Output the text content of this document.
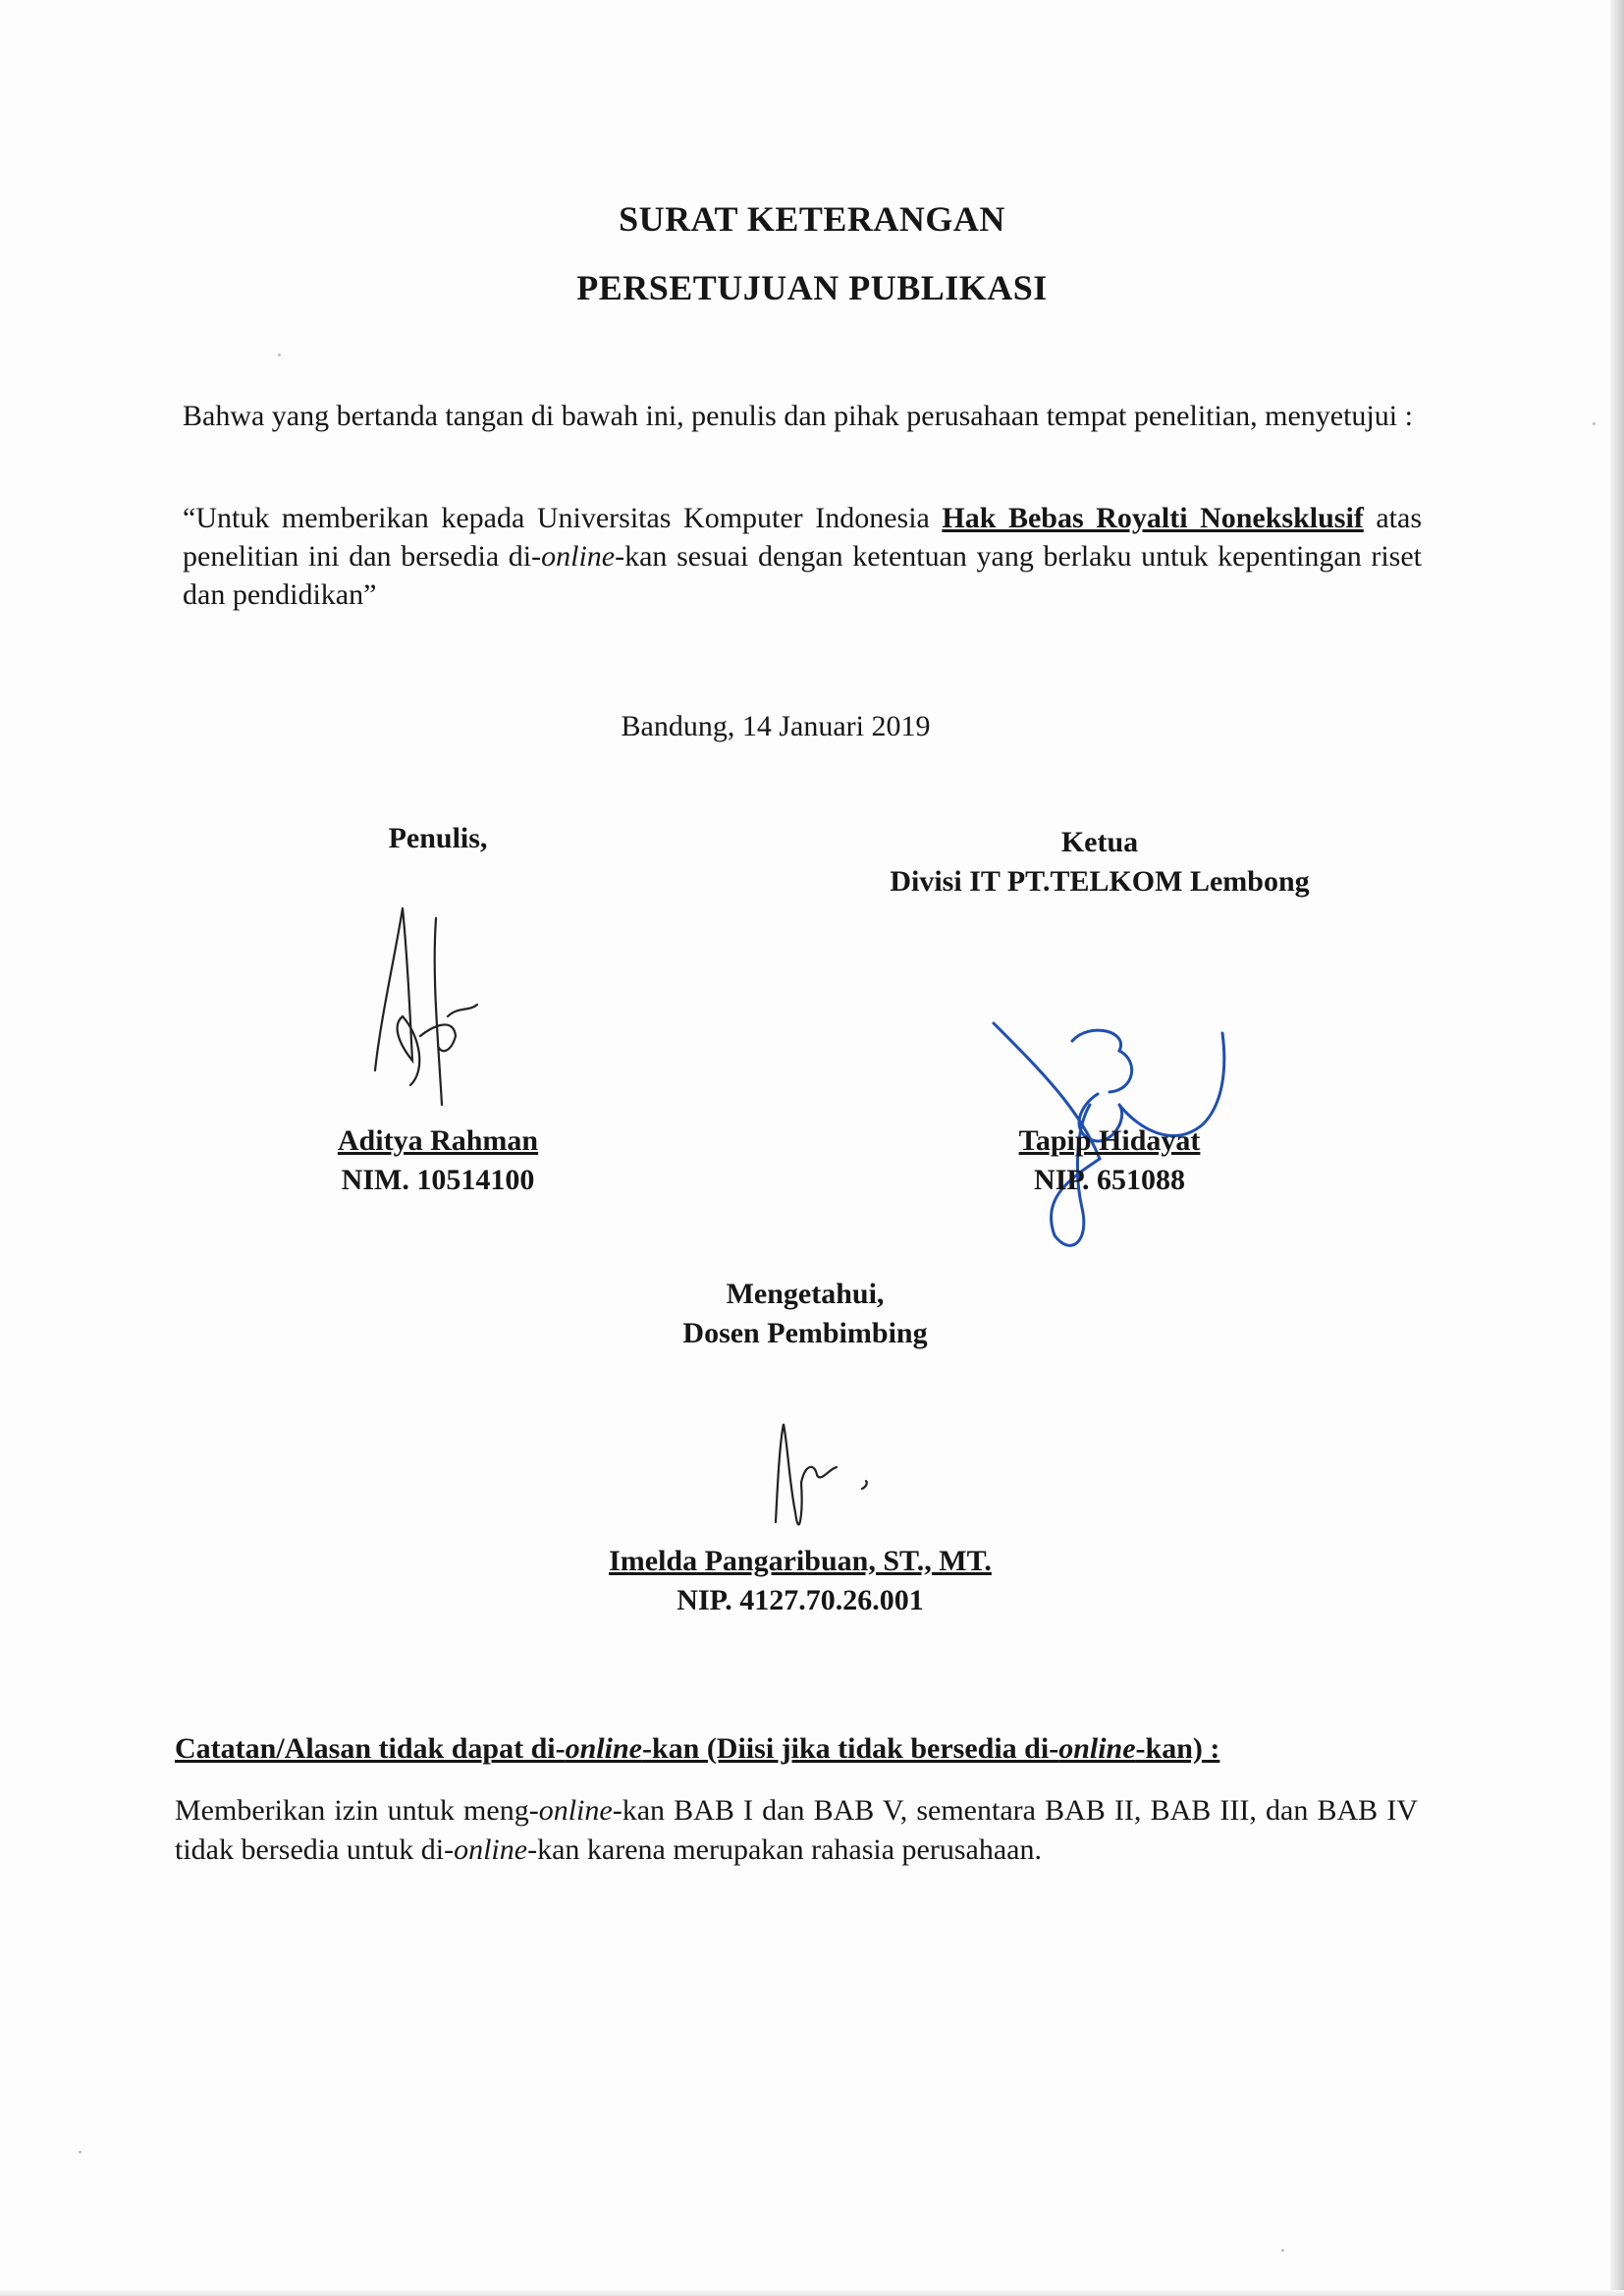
SURAT KETERANGAN
PERSETUJUAN PUBLIKASI
Bahwa yang bertanda tangan di bawah ini, penulis dan pihak perusahaan tempat penelitian, menyetujui :
“Untuk memberikan kepada Universitas Komputer Indonesia Hak Bebas Royalti Noneksklusif atas penelitian ini dan bersedia di-online-kan sesuai dengan ketentuan yang berlaku untuk kepentingan riset dan pendidikan”
Bandung, 14 Januari 2019
Penulis,	Ketua
Divisi IT PT.TELKOM Lembong
Aditya Rahman
NIM. 10514100
Tapip Hidayat
NIP. 651088
Mengetahui,
Dosen Pembimbing
Imelda Pangaribuan, ST., MT.
NIP. 4127.70.26.001
Catatan/Alasan tidak dapat di-online-kan (Diisi jika tidak bersedia di-online-kan) :
Memberikan izin untuk meng-online-kan BAB I dan BAB V, sementara BAB II, BAB III, dan BAB IV tidak bersedia untuk di-online-kan karena merupakan rahasia perusahaan.
